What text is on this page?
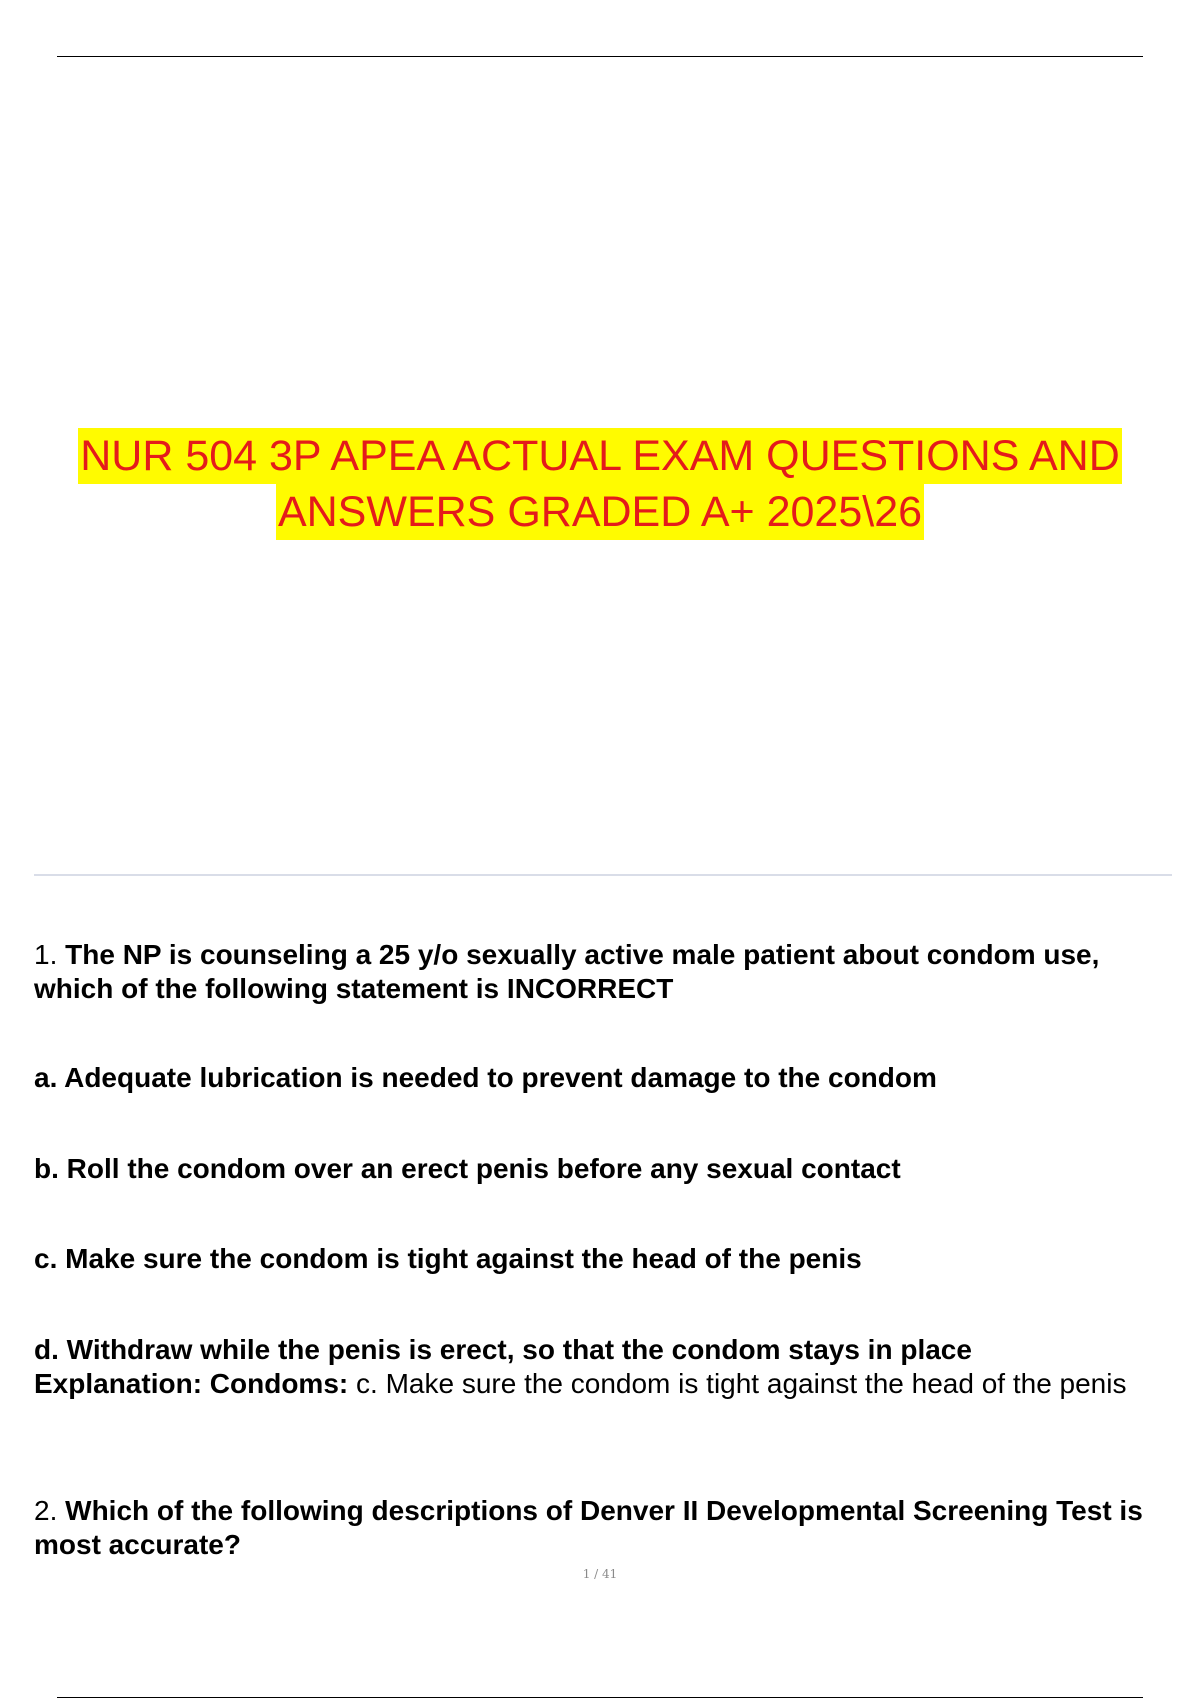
NUR 504 3P APEA ACTUAL EXAM QUESTIONS AND
ANSWERS GRADED A+ 2025\26
1. The NP is counseling a 25 y/o sexually active male patient about condom use, which of the following statement is INCORRECT
a. Adequate lubrication is needed to prevent damage to the condom
b. Roll the condom over an erect penis before any sexual contact
c. Make sure the condom is tight against the head of the penis
d. Withdraw while the penis is erect, so that the condom stays in place
Explanation: Condoms: c. Make sure the condom is tight against the head of the penis
2. Which of the following descriptions of Denver II Developmental Screening Test is most accurate?
1 / 41
